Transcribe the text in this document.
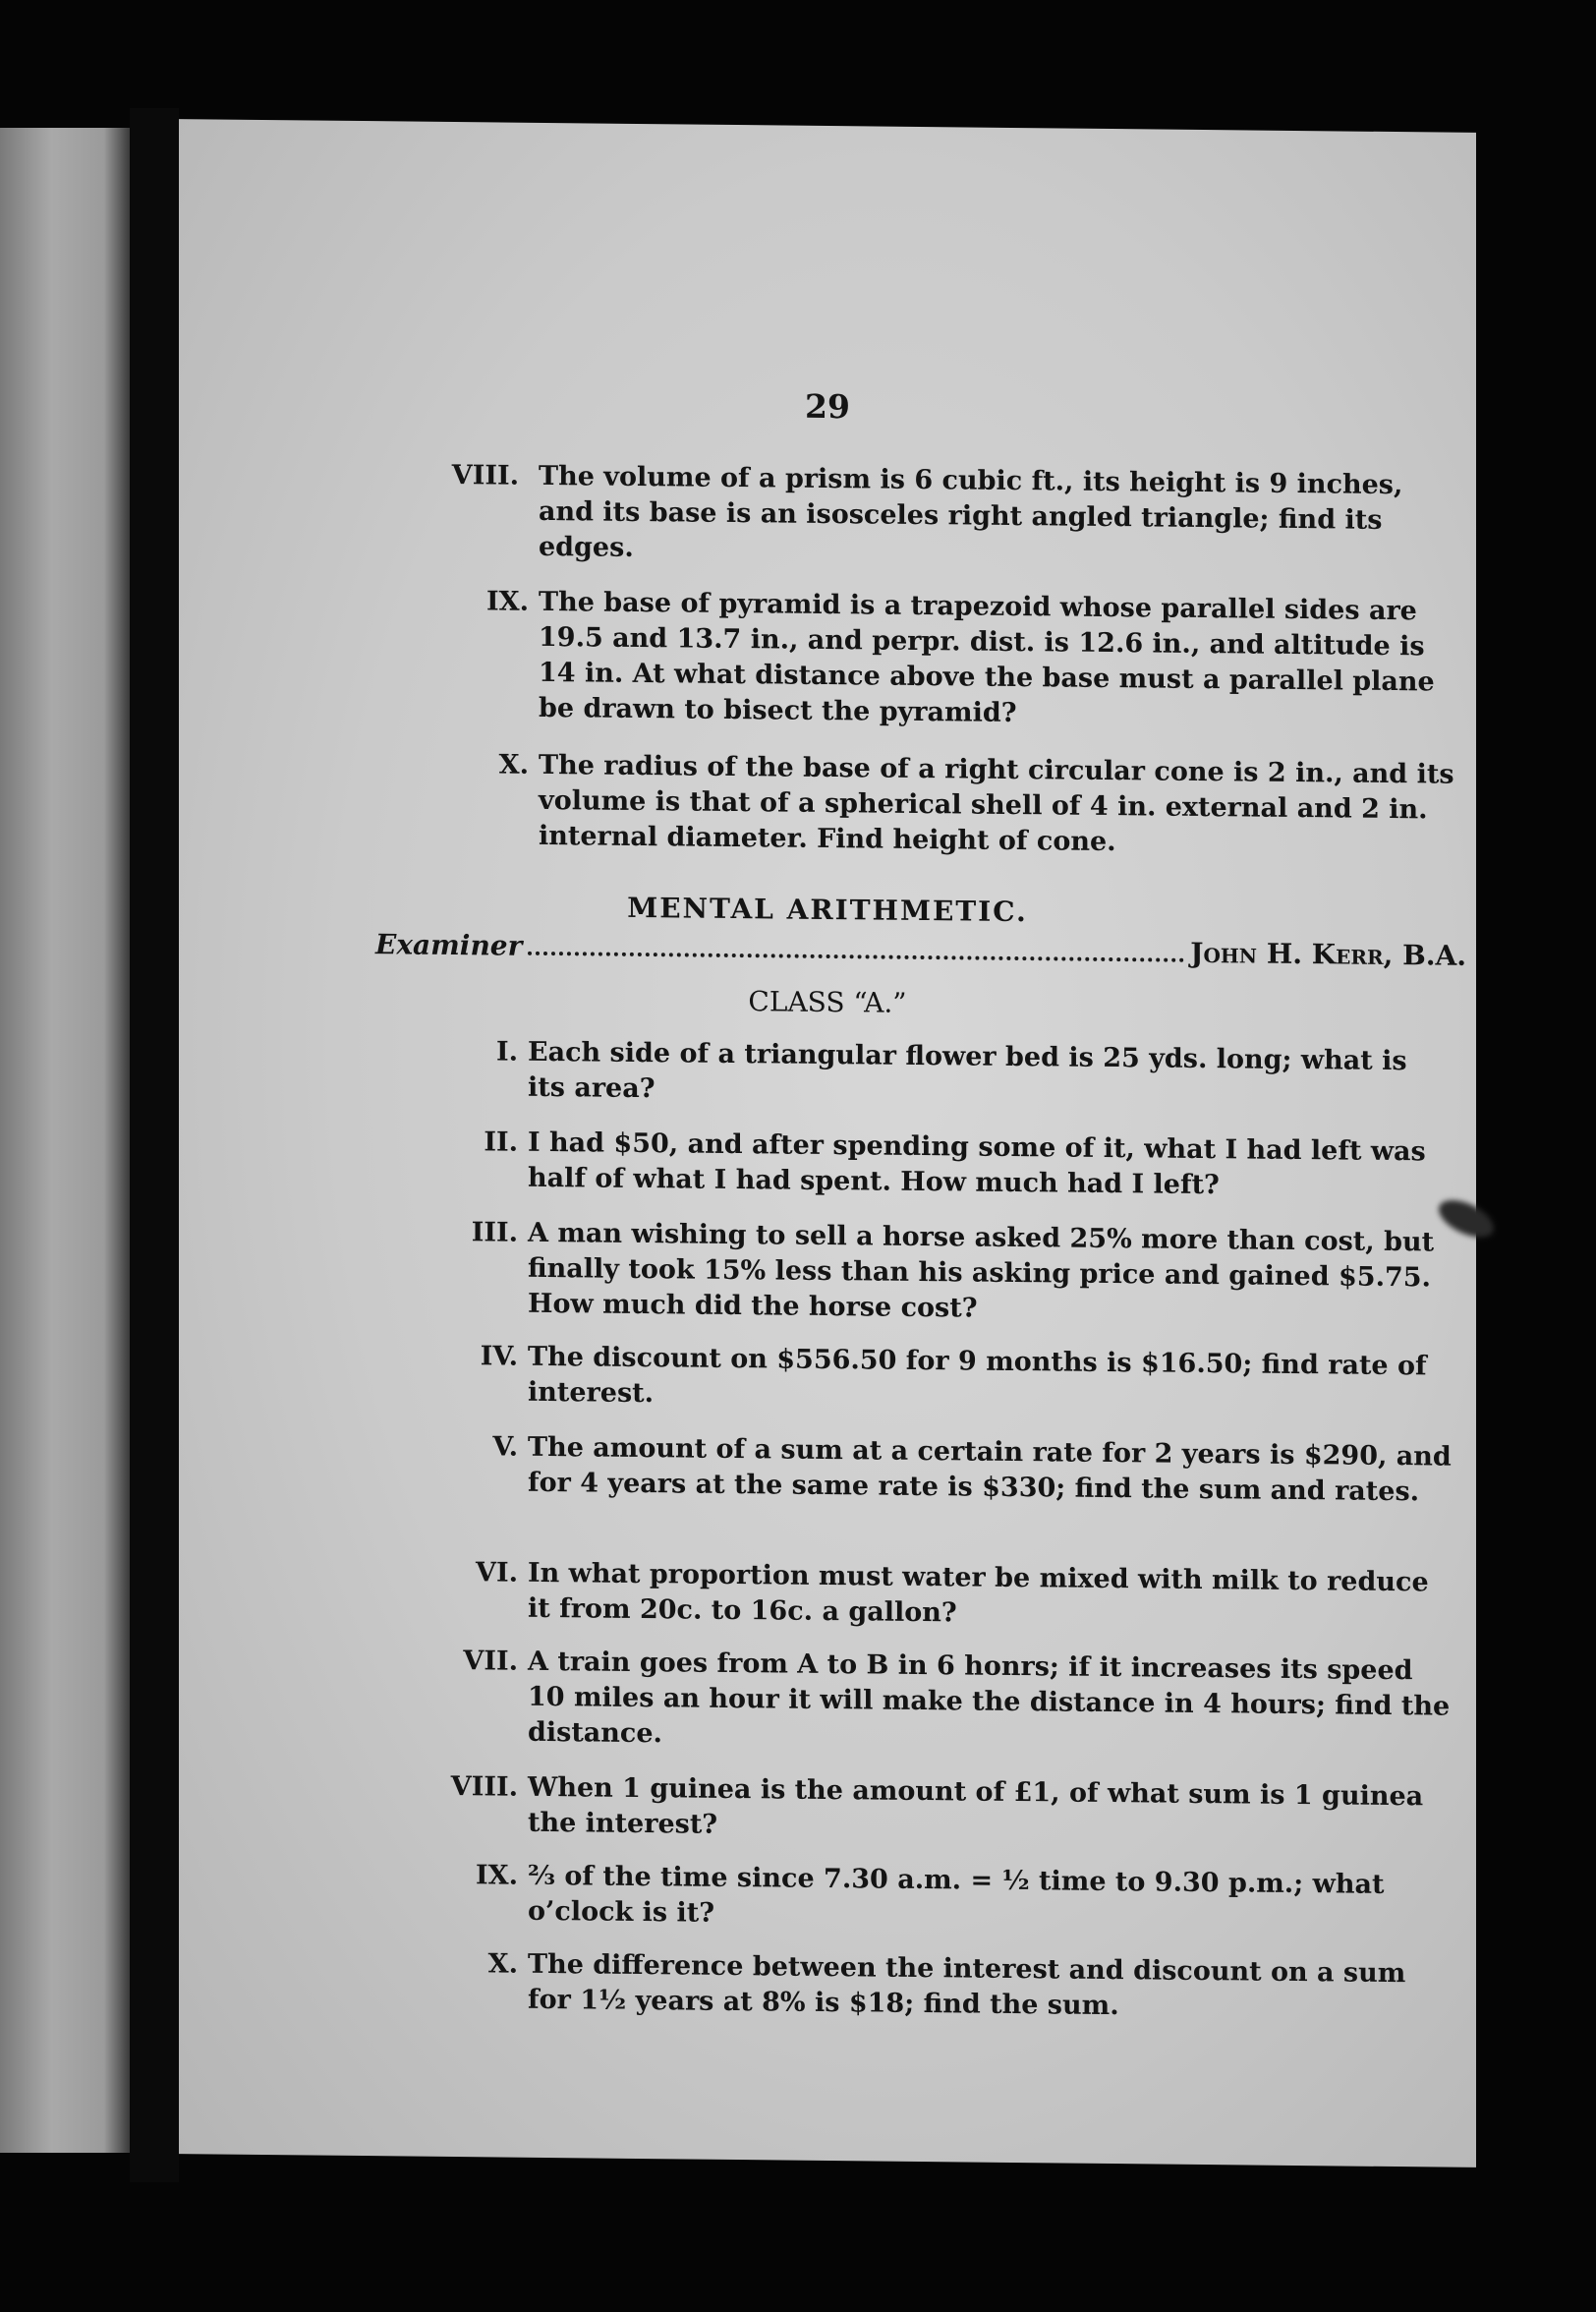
29
VIII. The volume of a prism is 6 cubic ft., its height is 9 inches, and its base is an isosceles right angled triangle; find its edges.
IX. The base of pyramid is a trapezoid whose parallel sides are 19.5 and 13.7 in., and perpr. dist. is 12.6 in., and altitude is 14 in. At what distance above the base must a parallel plane be drawn to bisect the pyramid?
X. The radius of the base of a right circular cone is 2 in., and its volume is that of a spherical shell of 4 in. external and 2 in. internal diameter. Find height of cone.
MENTAL ARITHMETIC.
Examiner	John H. Kerr, B.A.
CLASS “A.”
I. Each side of a triangular flower bed is 25 yds. long; what is its area?
II. I had $50, and after spending some of it, what I had left was half of what I had spent. How much had I left?
III. A man wishing to sell a horse asked 25% more than cost, but finally took 15% less than his asking price and gained $5.75. How much did the horse cost?
IV. The discount on $556.50 for 9 months is $16.50; find rate of interest.
V. The amount of a sum at a certain rate for 2 years is $290, and for 4 years at the same rate is $330; find the sum and rates.
VI. In what proportion must water be mixed with milk to reduce it from 20c. to 16c. a gallon?
VII. A train goes from A to B in 6 honrs; if it increases its speed 10 miles an hour it will make the distance in 4 hours; find the distance.
VIII. When 1 guinea is the amount of £1, of what sum is 1 guinea the interest?
IX. ⅔ of the time since 7.30 a.m. = ½ time to 9.30 p.m.; what o’clock is it?
X. The difference between the interest and discount on a sum for 1½ years at 8% is $18; find the sum.
